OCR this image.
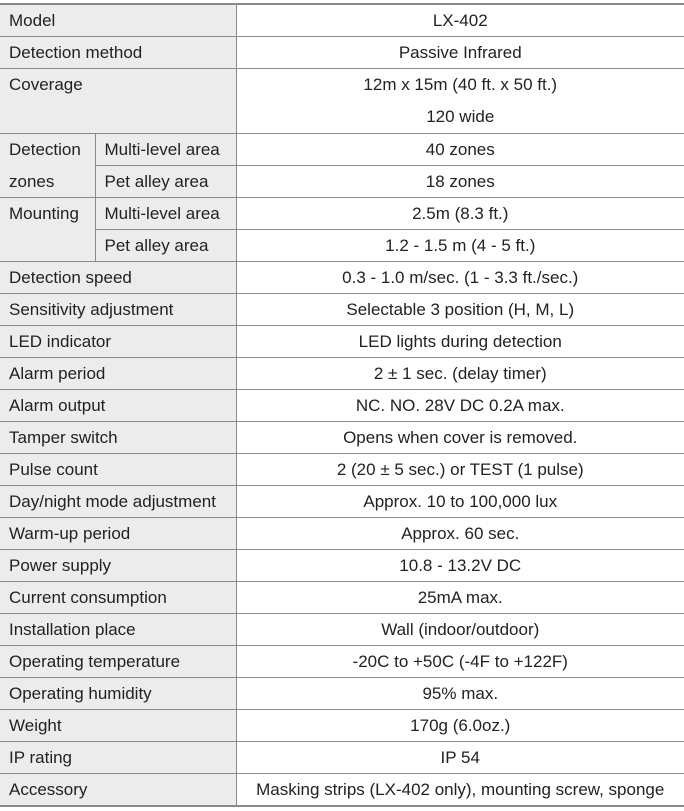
Model		LX-402
Detection method		Passive Infrared

Coverage		12m x 15m (40 ft. x 50 ft.)
120 wide

Detection	Multi-level area	40 zones
zones	Pet alley area	18 zones
Mounting	Multi-level area	2.5m (8.3 ft.)
	Pet alley area	1.2 - 1.5 m (4 - 5 ft.)
Detection speed		0.3 - 1.0 m/sec. (1 - 3.3 ft./sec.)
Sensitivity adjustment		Selectable 3 position (H, M, L)
LED indicator		LED lights during detection
Alarm period		2 ± 1 sec. (delay timer)
Alarm output		NC. NO. 28V DC 0.2A max.
Tamper switch		Opens when cover is removed.
Pulse count		2 (20 ± 5 sec.) or TEST (1 pulse)
Day/night mode adjustment		Approx. 10 to 100,000 lux
Warm-up period		Approx. 60 sec.
Power supply		10.8 - 13.2V DC
Current consumption		25mA max.
Installation place		Wall (indoor/outdoor)
Operating temperature		-20C to +50C (-4F to +122F)
Operating humidity		95% max.
Weight		170g (6.0oz.)
IP rating		IP 54
Accessory		Masking strips (LX-402 only), mounting screw, sponge
